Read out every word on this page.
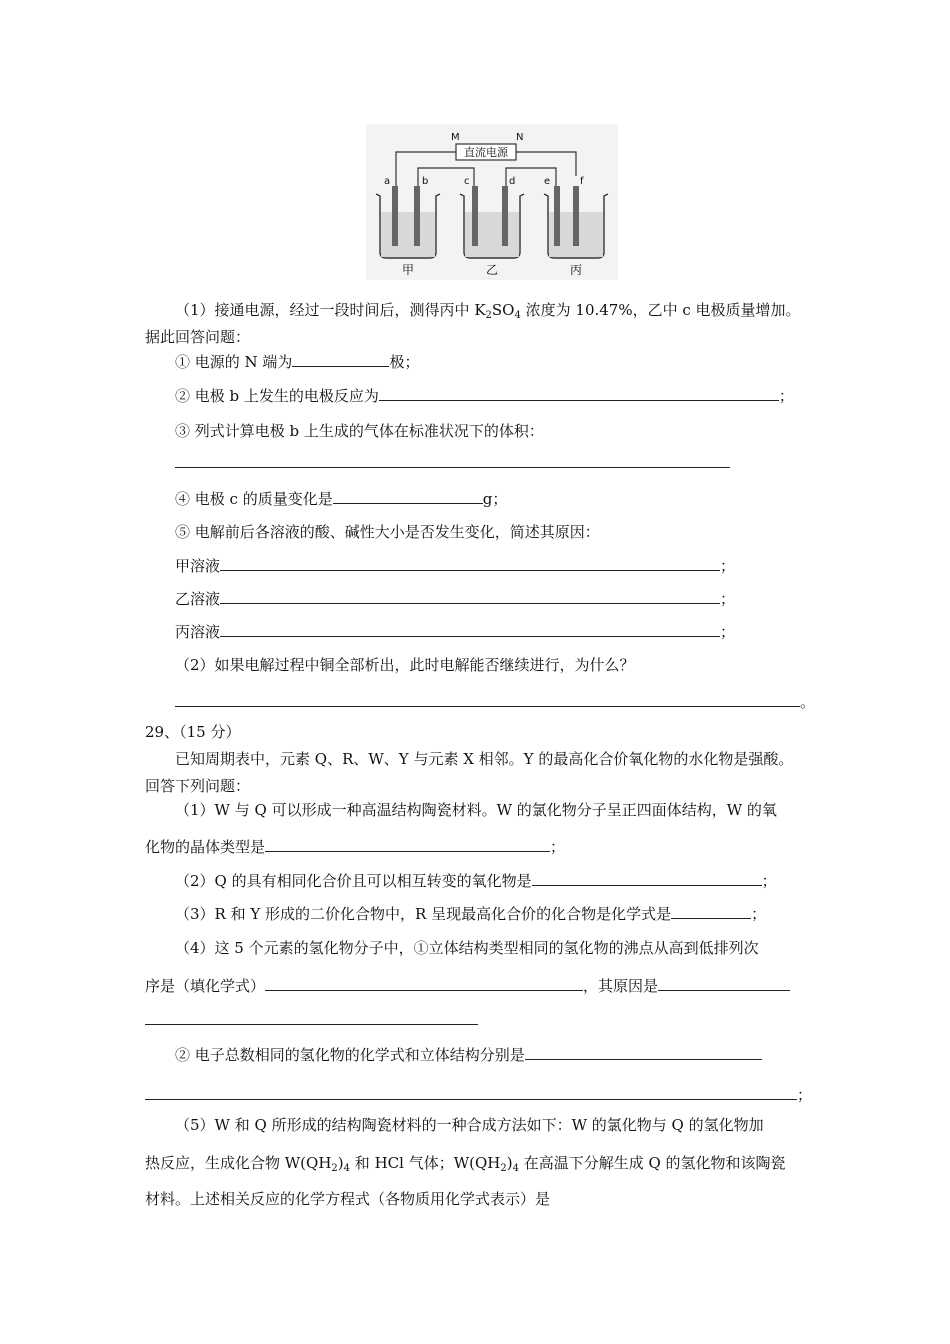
直流电源
M	N
a	b	c	d	e	f
甲	乙	丙
（1）接通电源，经过一段时间后，测得丙中 $K_2SO_4$ 浓度为 10.47%，乙中 c 电极质量增加。
据此回答问题：
① 电源的 N 端为	极；
② 电极 b 上发生的电极反应为	；
③ 列式计算电极 b 上生成的气体在标准状况下的体积：
④ 电极 c 的质量变化是	g；
⑤ 电解前后各溶液的酸、碱性大小是否发生变化，简述其原因：
甲溶液	；
乙溶液	；
丙溶液	；
（2）如果电解过程中铜全部析出，此时电解能否继续进行，为什么？
。
29、（15 分）
已知周期表中，元素 Q、R、W、Y 与元素 X 相邻。Y 的最高化合价氧化物的水化物是强酸。
回答下列问题：
（1）W 与 Q 可以形成一种高温结构陶瓷材料。W 的氯化物分子呈正四面体结构，W 的氧
化物的晶体类型是	；
（2）Q 的具有相同化合价且可以相互转变的氧化物是	；
（3）R 和 Y 形成的二价化合物中，R 呈现最高化合价的化合物是化学式是	；
（4）这 5 个元素的氢化物分子中，①立体结构类型相同的氢化物的沸点从高到低排列次
序是（填化学式）	，其原因是
② 电子总数相同的氢化物的化学式和立体结构分别是
；
（5）W 和 Q 所形成的结构陶瓷材料的一种合成方法如下：W 的氯化物与 Q 的氢化物加
热反应，生成化合物 $W(QH_2)_4$ 和 HCl 气体；$W(QH_2)_4$ 在高温下分解生成 Q 的氢化物和该陶瓷
材料。上述相关反应的化学方程式（各物质用化学式表示）是
